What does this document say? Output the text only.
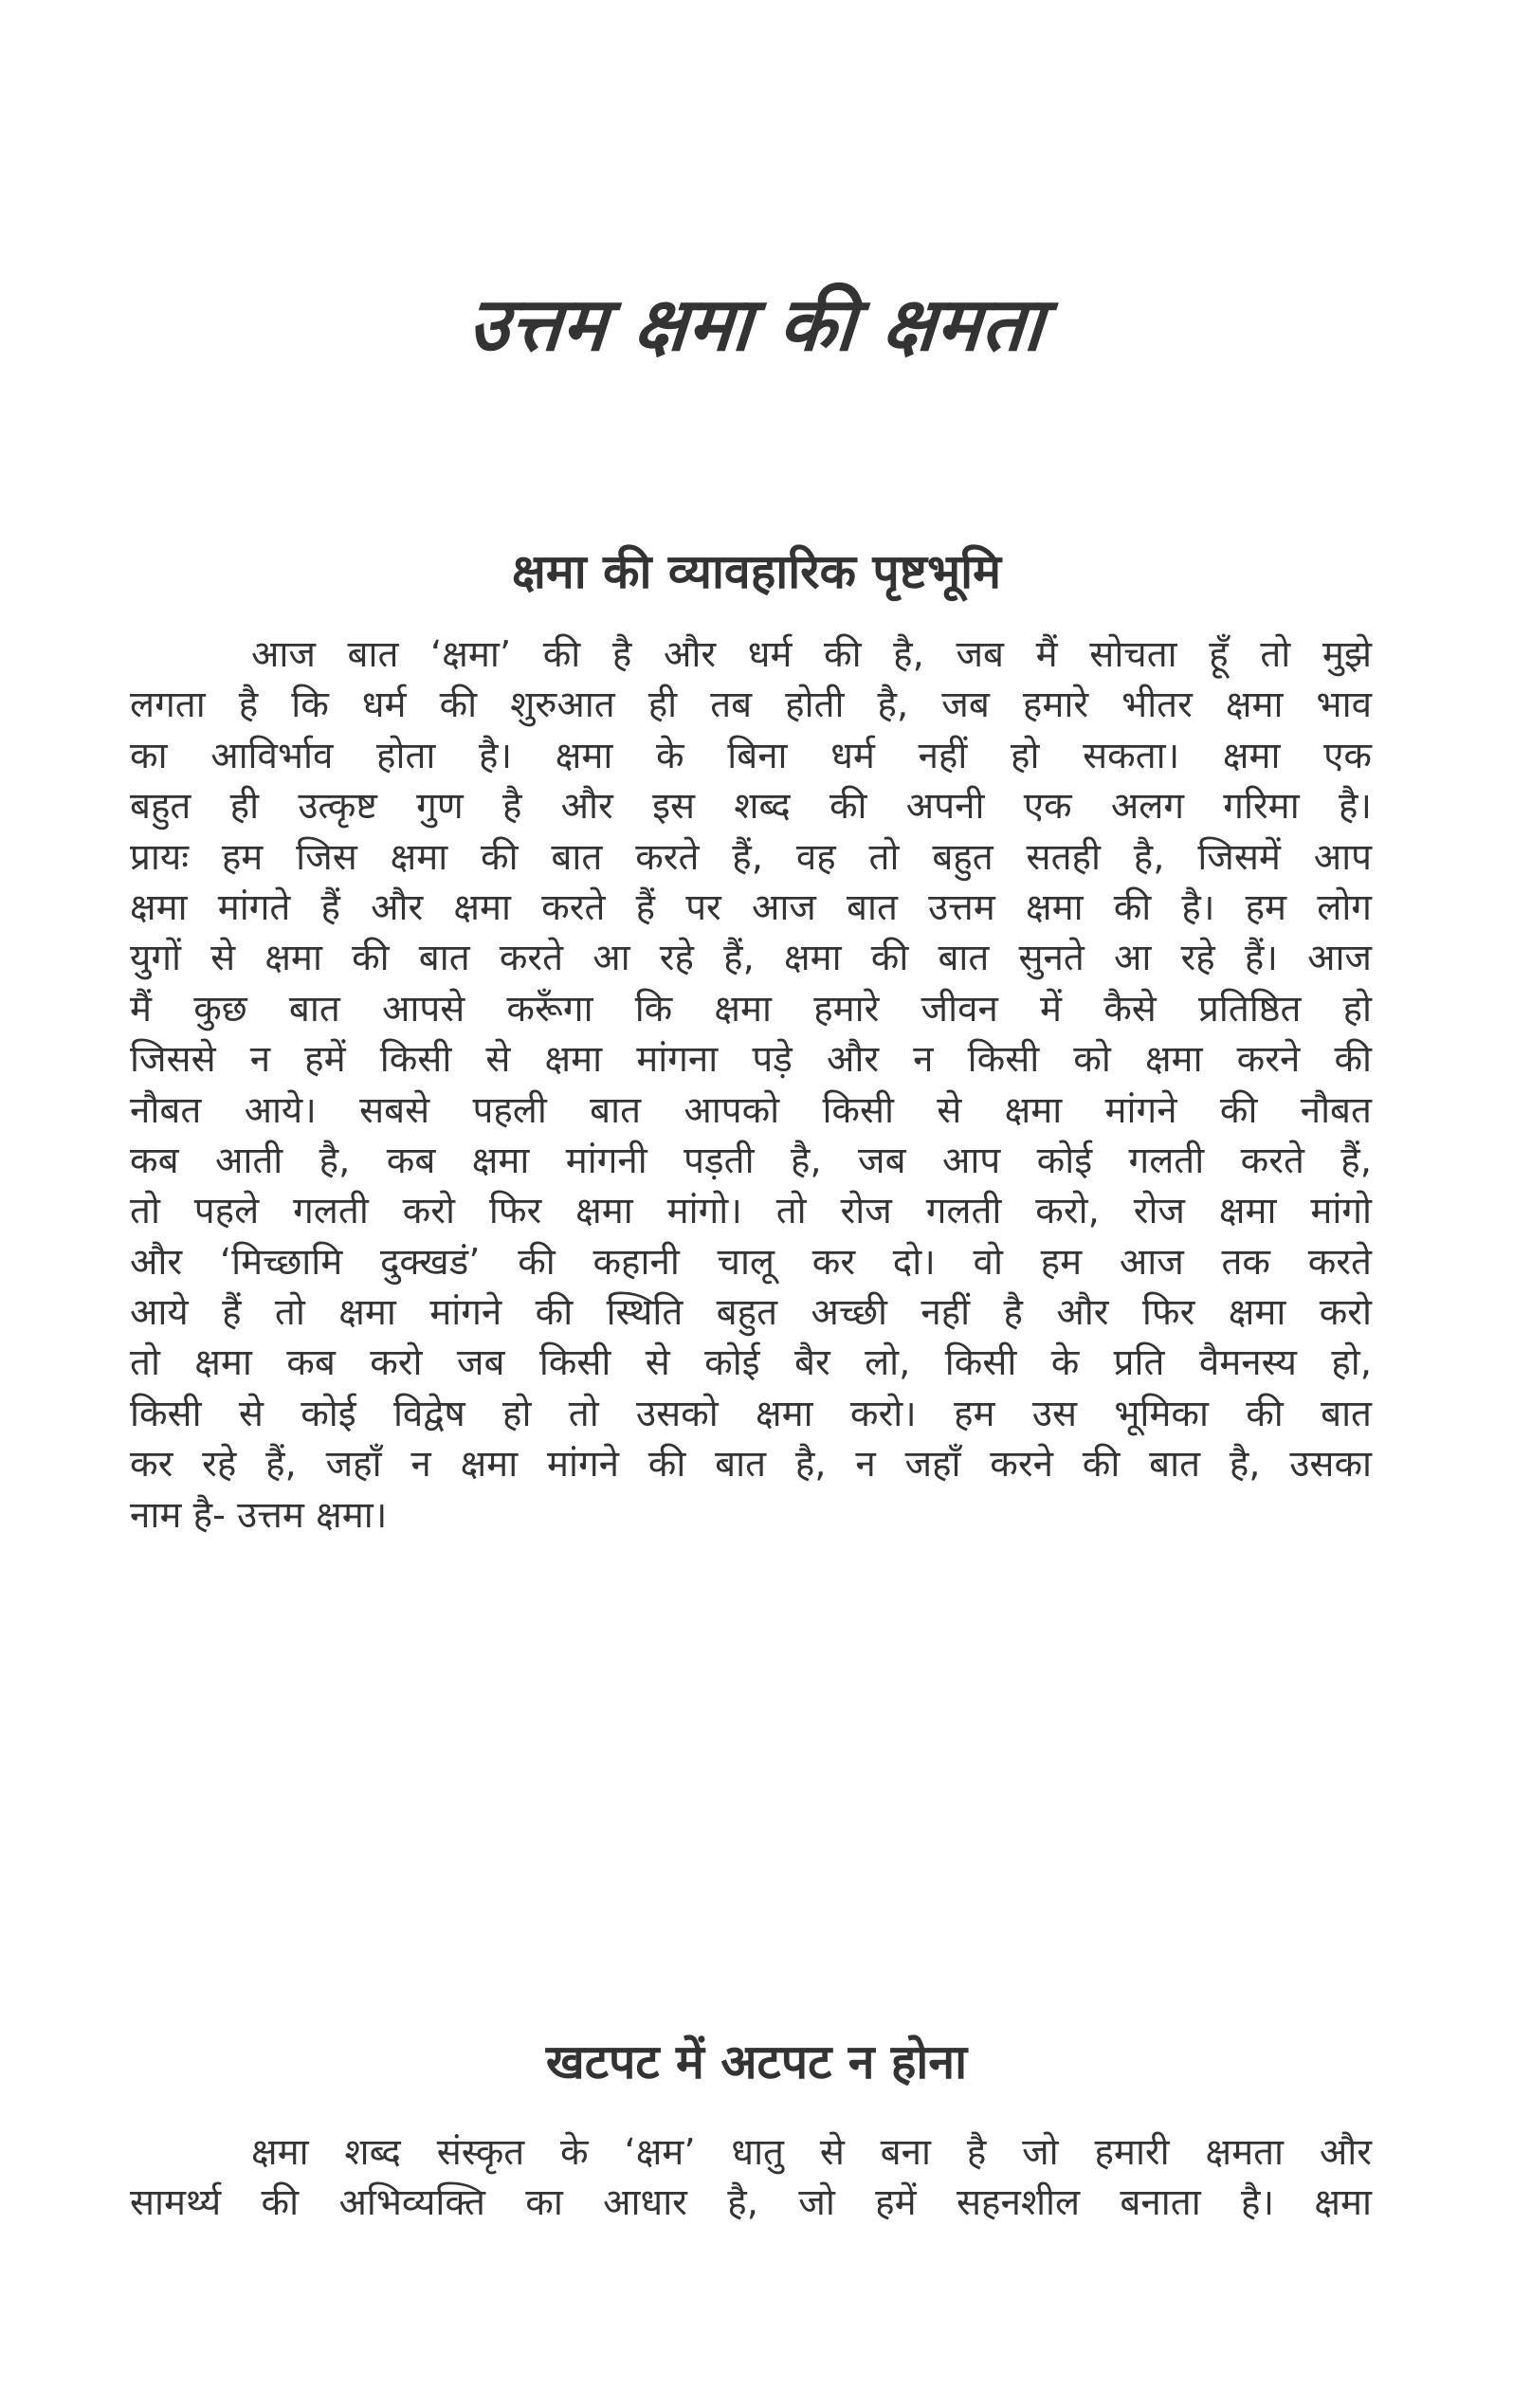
उत्तम क्षमा की क्षमता
क्षमा की व्यावहारिक पृष्टभूमि
आज बात ‘क्षमा’ की है और धर्म की है, जब मैं सोचता हूँ तो मुझे
लगता है कि धर्म की शुरुआत ही तब होती है, जब हमारे भीतर क्षमा भाव
का आविर्भाव होता है। क्षमा के बिना धर्म नहीं हो सकता। क्षमा एक
बहुत ही उत्कृष्ट गुण है और इस शब्द की अपनी एक अलग गरिमा है।
प्रायः हम जिस क्षमा की बात करते हैं, वह तो बहुत सतही है, जिसमें आप
क्षमा मांगते हैं और क्षमा करते हैं पर आज बात उत्तम क्षमा की है। हम लोग
युगों से क्षमा की बात करते आ रहे हैं, क्षमा की बात सुनते आ रहे हैं। आज
मैं कुछ बात आपसे करूँगा कि क्षमा हमारे जीवन में कैसे प्रतिष्ठित हो
जिससे न हमें किसी से क्षमा मांगना पड़े और न किसी को क्षमा करने की
नौबत आये। सबसे पहली बात आपको किसी से क्षमा मांगने की नौबत
कब आती है, कब क्षमा मांगनी पड़ती है, जब आप कोई गलती करते हैं,
तो पहले गलती करो फिर क्षमा मांगो। तो रोज गलती करो, रोज क्षमा मांगो
और ‘मिच्छामि दुक्खडं’ की कहानी चालू कर दो। वो हम आज तक करते
आये हैं तो क्षमा मांगने की स्थिति बहुत अच्छी नहीं है और फिर क्षमा करो
तो क्षमा कब करो जब किसी से कोई बैर लो, किसी के प्रति वैमनस्य हो,
किसी से कोई विद्वेष हो तो उसको क्षमा करो। हम उस भूमिका की बात
कर रहे हैं, जहाँ न क्षमा मांगने की बात है, न जहाँ करने की बात है, उसका
नाम है- उत्तम क्षमा।
खटपट में अटपट न होना
क्षमा शब्द संस्कृत के ‘क्षम’ धातु से बना है जो हमारी क्षमता और
सामर्थ्य की अभिव्यक्ति का आधार है, जो हमें सहनशील बनाता है। क्षमा
